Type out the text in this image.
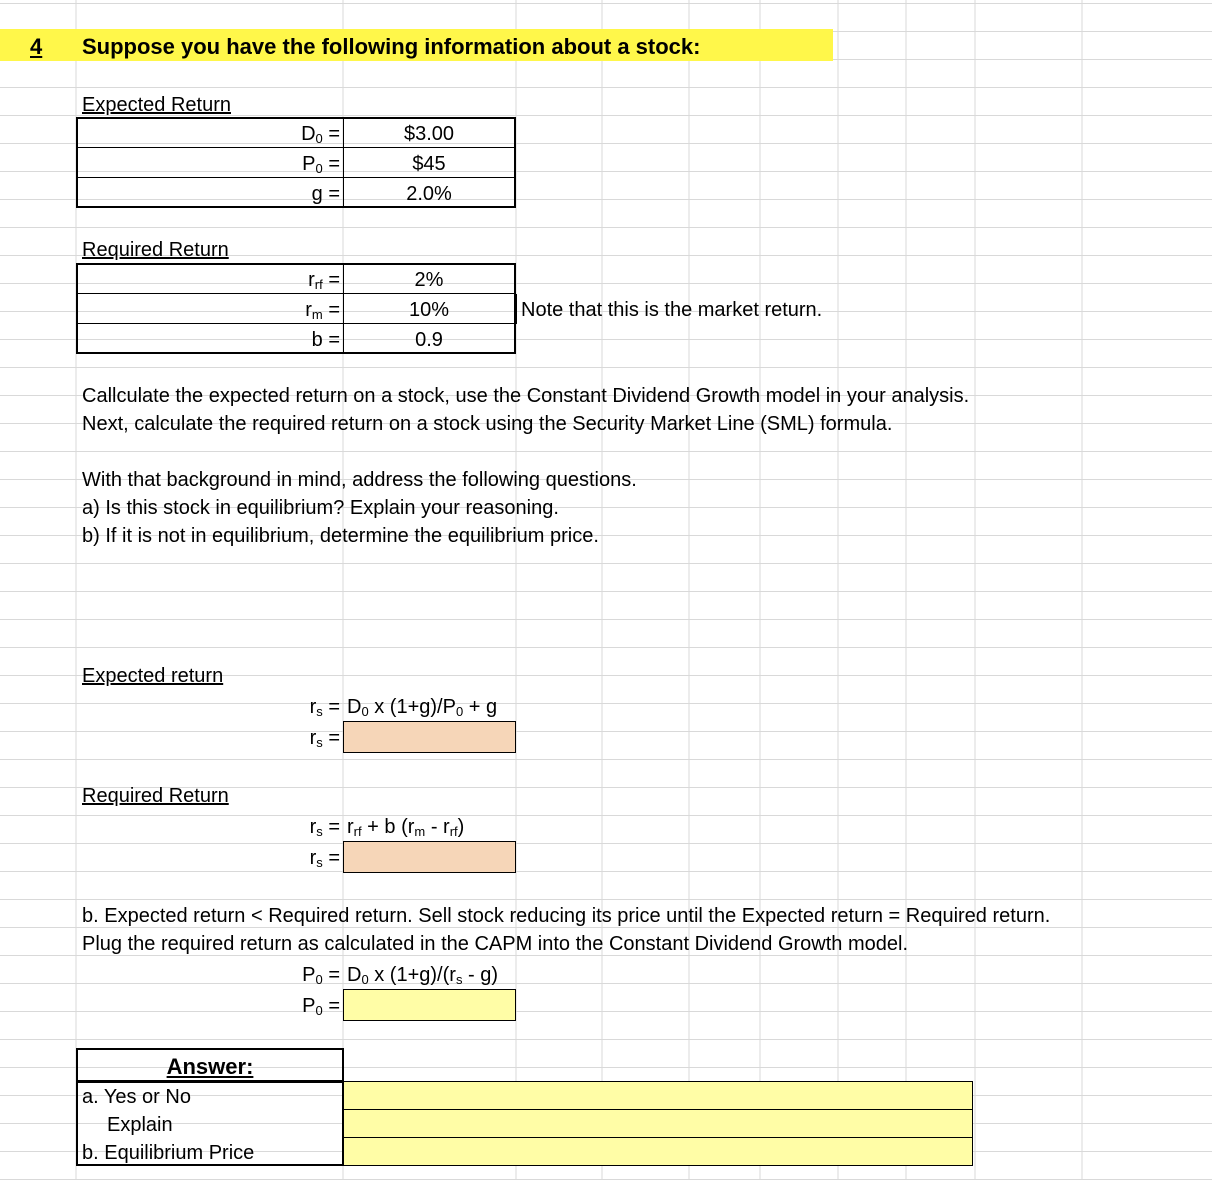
4 Suppose you have the following information about a stock:
Expected Return
$D_0$ =	$3.00
$P_0$ =	$45
g =	2.0%
Required Return
$r_{rf}$ =	2%
$r_m$ =	10%	Note that this is the market return.
b =	0.9
Callculate the expected return on a stock, use the Constant Dividend Growth model in your analysis.
Next, calculate the required return on a stock using the Security Market Line (SML) formula.
With that background in mind, address the following questions.
a) Is this stock in equilibrium? Explain your reasoning.
b) If it is not in equilibrium, determine the equilibrium price.
Expected return
$r_s = D_0$ x $(1+g)/P_0 + g$
$r_s$ =
Required Return
$r_s = r_{rf} + b$ $(r_m - r_{rf})$
$r_s$ =
b. Expected return < Required return. Sell stock reducing its price until the Expected return = Required return.
Plug the required return as calculated in the CAPM into the Constant Dividend Growth model.
$P_0 = D_0$ x $(1+g)/(r_s - g)$
$P_0$ =
Answer:
a. Yes or No
Explain
b. Equilibrium Price
